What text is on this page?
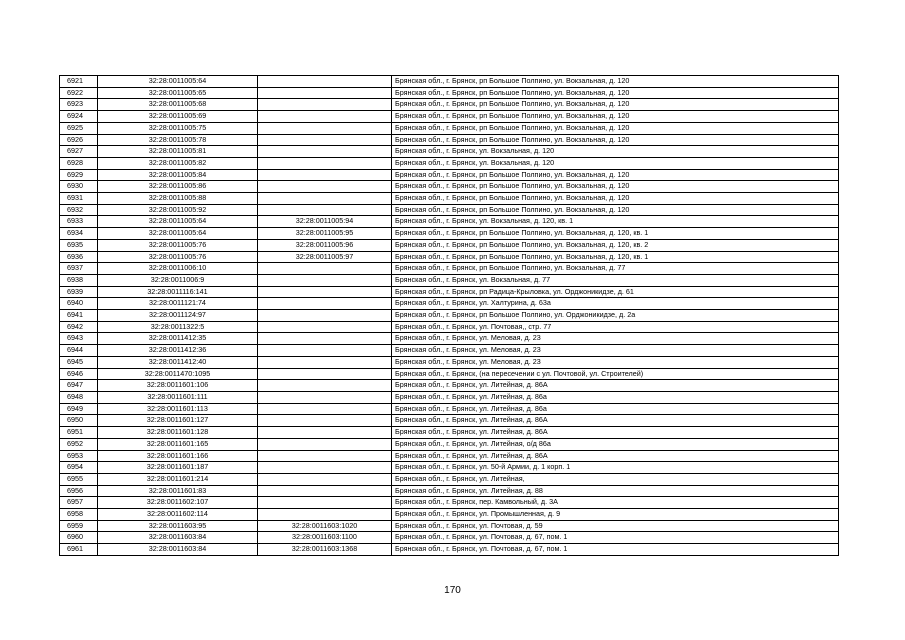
6921	32:28:0011005:64		Брянская обл., г. Брянск, рп Большое Полпино, ул. Вокзальная, д. 120
6922	32:28:0011005:65		Брянская обл., г. Брянск, рп Большое Полпино, ул. Вокзальная, д. 120
6923	32:28:0011005:68		Брянская обл., г. Брянск, рп Большое Полпино, ул. Вокзальная, д. 120
6924	32:28:0011005:69		Брянская обл., г. Брянск, рп Большое Полпино, ул. Вокзальная, д. 120
6925	32:28:0011005:75		Брянская обл., г. Брянск, рп Большое Полпино, ул. Вокзальная, д. 120
6926	32:28:0011005:78		Брянская обл., г. Брянск, рп Большое Полпино, ул. Вокзальная, д. 120
6927	32:28:0011005:81		Брянская обл., г. Брянск, ул. Вокзальная, д. 120
6928	32:28:0011005:82		Брянская обл., г. Брянск, ул. Вокзальная, д. 120
6929	32:28:0011005:84		Брянская обл., г. Брянск, рп Большое Полпино, ул. Вокзальная, д. 120
6930	32:28:0011005:86		Брянская обл., г. Брянск, рп Большое Полпино, ул. Вокзальная, д. 120
6931	32:28:0011005:88		Брянская обл., г. Брянск, рп Большое Полпино, ул. Вокзальная, д. 120
6932	32:28:0011005:92		Брянская обл., г. Брянск, рп Большое Полпино, ул. Вокзальная, д. 120
6933	32:28:0011005:64	32:28:0011005:94	Брянская обл., г. Брянск, ул. Вокзальная, д. 120, кв. 1
6934	32:28:0011005:64	32:28:0011005:95	Брянская обл., г. Брянск, рп Большое Полпино, ул. Вокзальная, д. 120, кв. 1
6935	32:28:0011005:76	32:28:0011005:96	Брянская обл., г. Брянск, рп Большое Полпино, ул. Вокзальная, д. 120, кв. 2
6936	32:28:0011005:76	32:28:0011005:97	Брянская обл., г. Брянск, рп Большое Полпино, ул. Вокзальная, д. 120, кв. 1
6937	32:28:0011006:10		Брянская обл., г. Брянск, рп Большое Полпино, ул. Вокзальная, д. 77
6938	32:28:0011006:9		Брянская обл., г. Брянск, ул. Вокзальная, д. 77
6939	32:28:0011116:141		Брянская обл., г. Брянск, рп Радица-Крыловка, ул. Орджоникидзе, д. 61
6940	32:28:0011121:74		Брянская обл., г. Брянск, ул. Халтурина, д. 63а
6941	32:28:0011124:97		Брянская обл., г. Брянск, рп Большое Полпино, ул. Орджоникидзе, д. 2а
6942	32:28:0011322:5		Брянская обл., г. Брянск, ул. Почтовая,, стр. 77
6943	32:28:0011412:35		Брянская обл., г. Брянск, ул. Меловая, д. 23
6944	32:28:0011412:36		Брянская обл., г. Брянск, ул. Меловая, д. 23
6945	32:28:0011412:40		Брянская обл., г. Брянск, ул. Меловая, д. 23
6946	32:28:0011470:1095		Брянская обл., г. Брянск, (на пересечении с ул. Почтовой, ул. Строителей)
6947	32:28:0011601:106		Брянская обл., г. Брянск, ул. Литейная, д. 86А
6948	32:28:0011601:111		Брянская обл., г. Брянск, ул. Литейная, д. 86а
6949	32:28:0011601:113		Брянская обл., г. Брянск, ул. Литейная, д. 86а
6950	32:28:0011601:127		Брянская обл., г. Брянск, ул. Литейная, д. 86А
6951	32:28:0011601:128		Брянская обл., г. Брянск, ул. Литейная, д. 86А
6952	32:28:0011601:165		Брянская обл., г. Брянск, ул. Литейная, о/д 86а
6953	32:28:0011601:166		Брянская обл., г. Брянск, ул. Литейная, д. 86А
6954	32:28:0011601:187		Брянская обл., г. Брянск, ул. 50-й Армии, д. 1 корп. 1
6955	32:28:0011601:214		Брянская обл., г. Брянск, ул. Литейная,
6956	32:28:0011601:83		Брянская обл., г. Брянск, ул. Литейная, д. 88
6957	32:28:0011602:107		Брянская обл., г. Брянск, пер. Камвольный, д. 3А
6958	32:28:0011602:114		Брянская обл., г. Брянск, ул. Промышленная, д. 9
6959	32:28:0011603:95	32:28:0011603:1020	Брянская обл., г. Брянск, ул. Почтовая, д. 59
6960	32:28:0011603:84	32:28:0011603:1100	Брянская обл., г. Брянск, ул. Почтовая, д. 67, пом. 1
6961	32:28:0011603:84	32:28:0011603:1368	Брянская обл., г. Брянск, ул. Почтовая, д. 67, пом. 1
170
